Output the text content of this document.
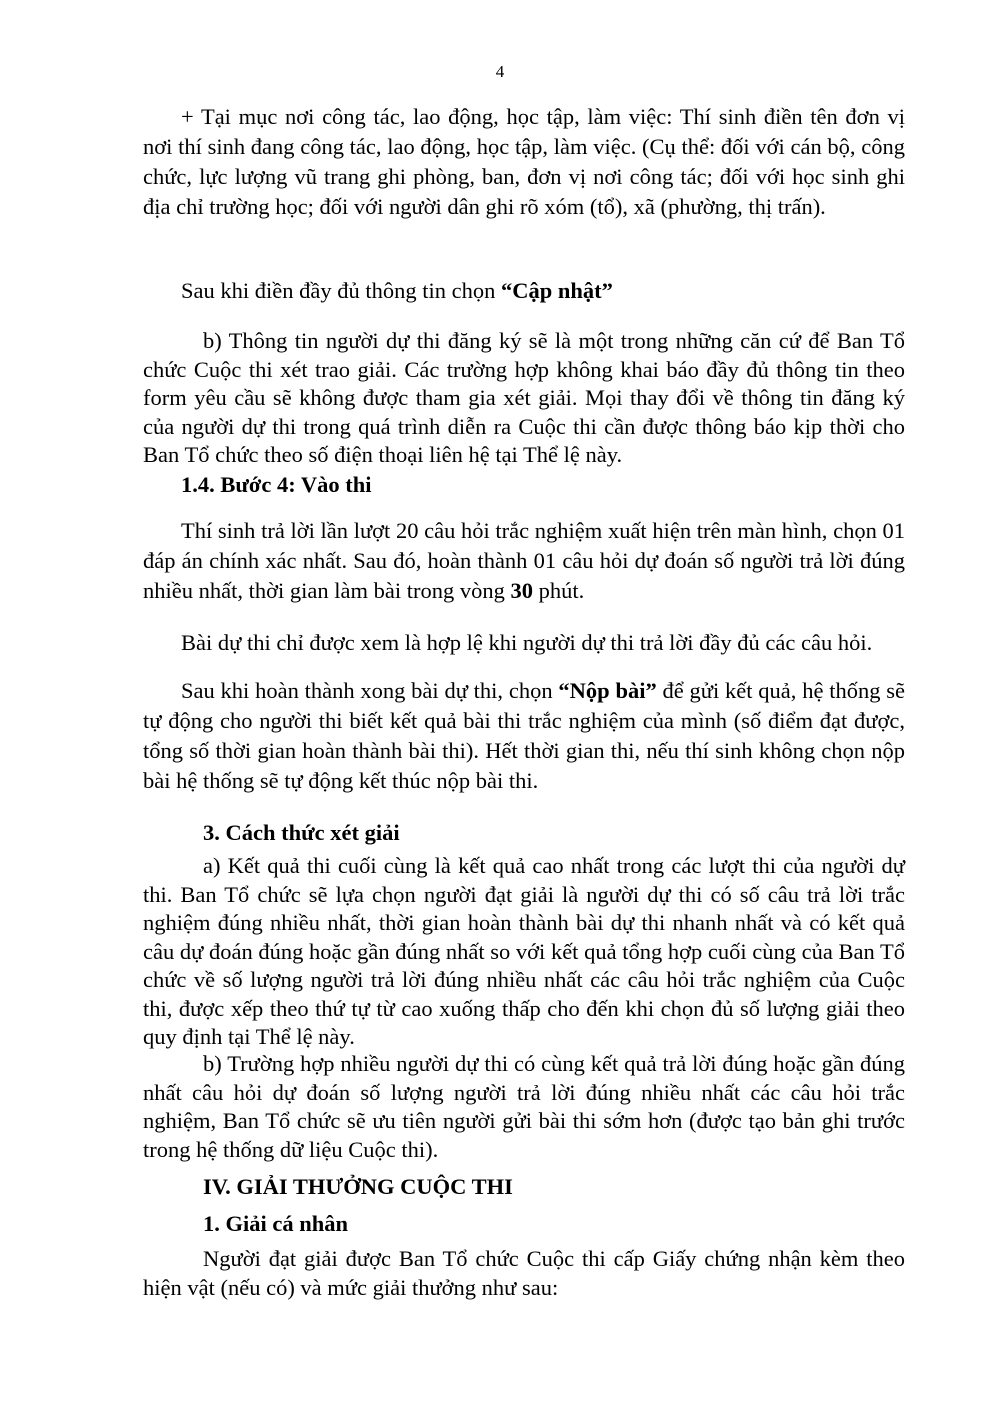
4

+ Tại mục nơi công tác, lao động, học tập, làm việc: Thí sinh điền tên đơn vị nơi thí sinh đang công tác, lao động, học tập, làm việc. (Cụ thể: đối với cán bộ, công chức, lực lượng vũ trang ghi phòng, ban, đơn vị nơi công tác; đối với học sinh ghi địa chỉ trường học; đối với người dân ghi rõ xóm (tổ), xã (phường, thị trấn).

Sau khi điền đầy đủ thông tin chọn “Cập nhật”

b) Thông tin người dự thi đăng ký sẽ là một trong những căn cứ để Ban Tổ chức Cuộc thi xét trao giải. Các trường hợp không khai báo đầy đủ thông tin theo form yêu cầu sẽ không được tham gia xét giải. Mọi thay đổi về thông tin đăng ký của người dự thi trong quá trình diễn ra Cuộc thi cần được thông báo kịp thời cho Ban Tổ chức theo số điện thoại liên hệ tại Thể lệ này.

1.4. Bước 4: Vào thi

Thí sinh trả lời lần lượt 20 câu hỏi trắc nghiệm xuất hiện trên màn hình, chọn 01 đáp án chính xác nhất. Sau đó, hoàn thành 01 câu hỏi dự đoán số người trả lời đúng nhiều nhất, thời gian làm bài trong vòng 30 phút.

Bài dự thi chỉ được xem là hợp lệ khi người dự thi trả lời đầy đủ các câu hỏi.

Sau khi hoàn thành xong bài dự thi, chọn “Nộp bài” để gửi kết quả, hệ thống sẽ tự động cho người thi biết kết quả bài thi trắc nghiệm của mình (số điểm đạt được, tổng số thời gian hoàn thành bài thi). Hết thời gian thi, nếu thí sinh không chọn nộp bài hệ thống sẽ tự động kết thúc nộp bài thi.

3. Cách thức xét giải

a) Kết quả thi cuối cùng là kết quả cao nhất trong các lượt thi của người dự thi. Ban Tổ chức sẽ lựa chọn người đạt giải là người dự thi có số câu trả lời trắc nghiệm đúng nhiều nhất, thời gian hoàn thành bài dự thi nhanh nhất và có kết quả câu dự đoán đúng hoặc gần đúng nhất so với kết quả tổng hợp cuối cùng của Ban Tổ chức về số lượng người trả lời đúng nhiều nhất các câu hỏi trắc nghiệm của Cuộc thi, được xếp theo thứ tự từ cao xuống thấp cho đến khi chọn đủ số lượng giải theo quy định tại Thể lệ này.

b) Trường hợp nhiều người dự thi có cùng kết quả trả lời đúng hoặc gần đúng nhất câu hỏi dự đoán số lượng người trả lời đúng nhiều nhất các câu hỏi trắc nghiệm, Ban Tổ chức sẽ ưu tiên người gửi bài thi sớm hơn (được tạo bản ghi trước trong hệ thống dữ liệu Cuộc thi).

IV. GIẢI THƯỞNG CUỘC THI
1. Giải cá nhân

Người đạt giải được Ban Tổ chức Cuộc thi cấp Giấy chứng nhận kèm theo hiện vật (nếu có) và mức giải thưởng như sau:
